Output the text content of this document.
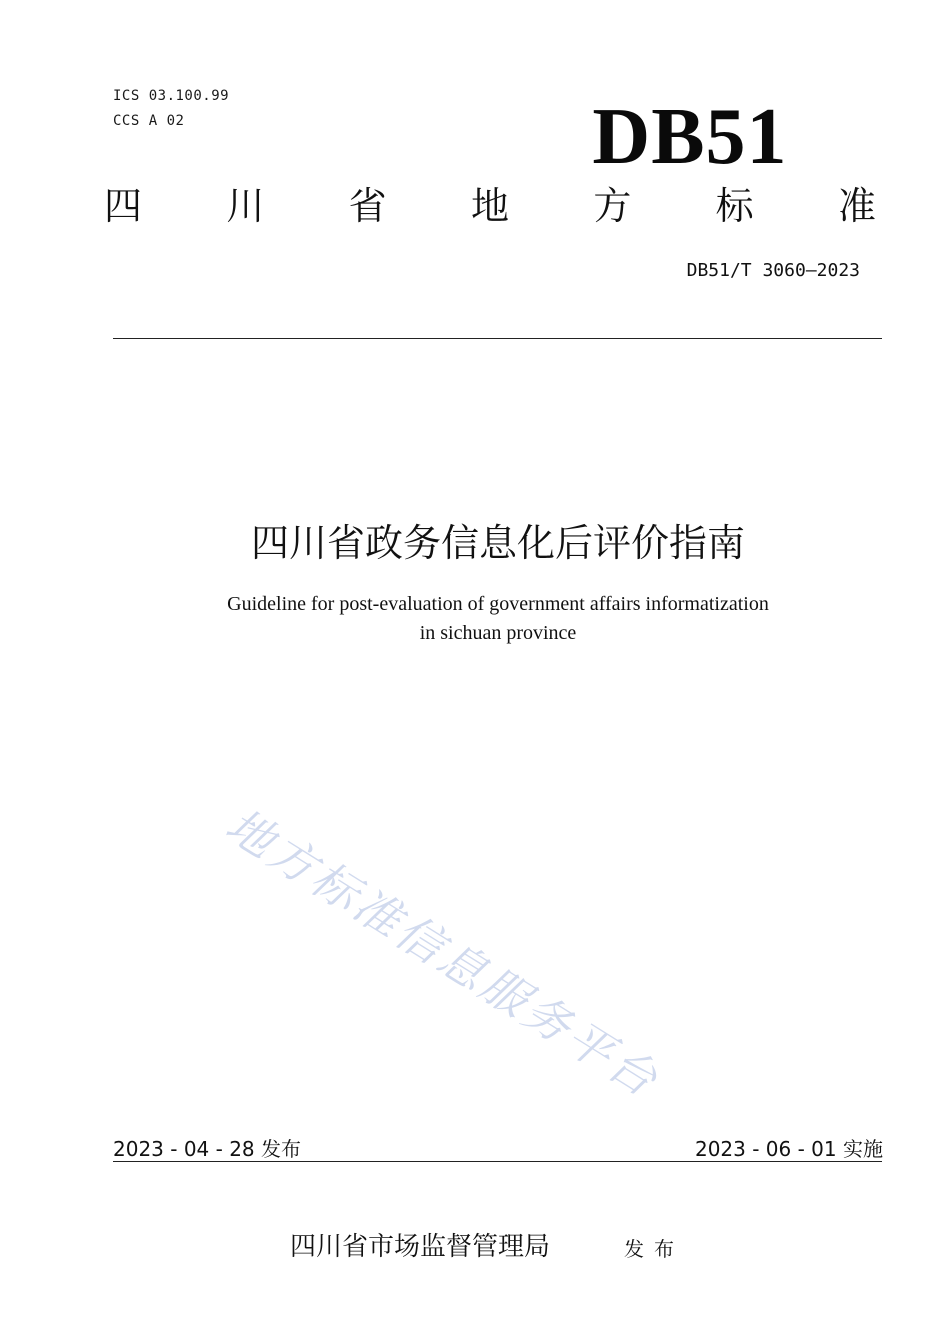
ICS 03.100.99
CCS A 02	DB51
四 川 省 地 方 标 准
DB51/T 3060—2023
四川省政务信息化后评价指南
Guideline for post-evaluation of government affairs informatization
in sichuan province
地方标准信息服务平台
2023 - 04 - 28 发布	2023 - 06 - 01 实施
四川省市场监督管理局	发布
